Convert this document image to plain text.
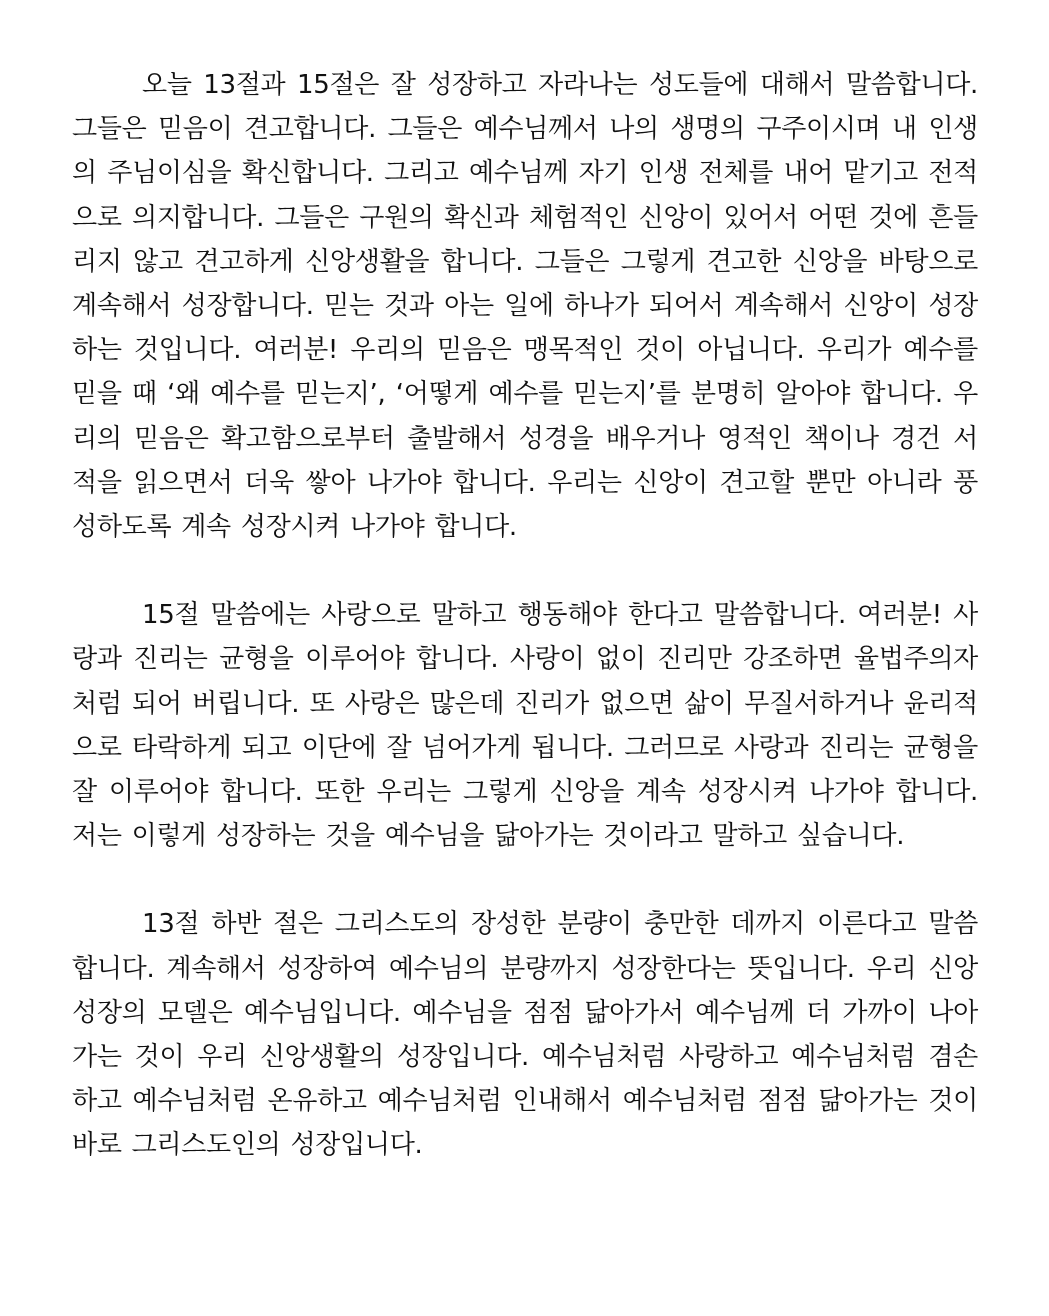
오늘 13절과 15절은 잘 성장하고 자라나는 성도들에 대해서 말씀합니다. 그들은 믿음이 견고합니다. 그들은 예수님께서 나의 생명의 구주이시며 내 인생의 주님이심을 확신합니다. 그리고 예수님께 자기 인생 전체를 내어 맡기고 전적으로 의지합니다. 그들은 구원의 확신과 체험적인 신앙이 있어서 어떤 것에 흔들리지 않고 견고하게 신앙생활을 합니다. 그들은 그렇게 견고한 신앙을 바탕으로 계속해서 성장합니다. 믿는 것과 아는 일에 하나가 되어서 계속해서 신앙이 성장하는 것입니다. 여러분! 우리의 믿음은 맹목적인 것이 아닙니다. 우리가 예수를 믿을 때 ‘왜 예수를 믿는지’, ‘어떻게 예수를 믿는지’를 분명히 알아야 합니다. 우리의 믿음은 확고함으로부터 출발해서 성경을 배우거나 영적인 책이나 경건 서적을 읽으면서 더욱 쌓아 나가야 합니다. 우리는 신앙이 견고할 뿐만 아니라 풍성하도록 계속 성장시켜 나가야 합니다.

15절 말씀에는 사랑으로 말하고 행동해야 한다고 말씀합니다. 여러분! 사랑과 진리는 균형을 이루어야 합니다. 사랑이 없이 진리만 강조하면 율법주의자처럼 되어 버립니다. 또 사랑은 많은데 진리가 없으면 삶이 무질서하거나 윤리적으로 타락하게 되고 이단에 잘 넘어가게 됩니다. 그러므로 사랑과 진리는 균형을 잘 이루어야 합니다. 또한 우리는 그렇게 신앙을 계속 성장시켜 나가야 합니다. 저는 이렇게 성장하는 것을 예수님을 닮아가는 것이라고 말하고 싶습니다.

13절 하반 절은 그리스도의 장성한 분량이 충만한 데까지 이른다고 말씀합니다. 계속해서 성장하여 예수님의 분량까지 성장한다는 뜻입니다. 우리 신앙성장의 모델은 예수님입니다. 예수님을 점점 닮아가서 예수님께 더 가까이 나아가는 것이 우리 신앙생활의 성장입니다. 예수님처럼 사랑하고 예수님처럼 겸손하고 예수님처럼 온유하고 예수님처럼 인내해서 예수님처럼 점점 닮아가는 것이 바로 그리스도인의 성장입니다.
